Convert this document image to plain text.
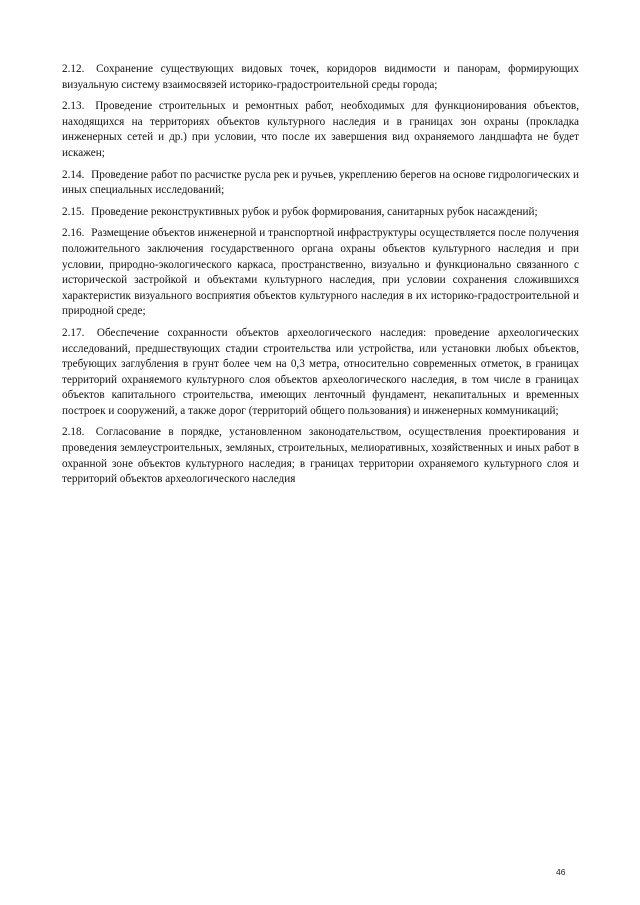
2.12. Сохранение существующих видовых точек, коридоров видимости и панорам, формирующих визуальную систему взаимосвязей историко-градостроительной среды города;

2.13. Проведение строительных и ремонтных работ, необходимых для функционирования объектов, находящихся на территориях объектов культурного наследия и в границах зон охраны (прокладка инженерных сетей и др.) при условии, что после их завершения вид охраняемого ландшафта не будет искажен;

2.14. Проведение работ по расчистке русла рек и ручьев, укреплению берегов на основе гидрологических и иных специальных исследований;

2.15. Проведение реконструктивных рубок и рубок формирования, санитарных рубок насаждений;

2.16. Размещение объектов инженерной и транспортной инфраструктуры осуществляется после получения положительного заключения государственного органа охраны объектов культурного наследия и при условии, природно-экологического каркаса, пространственно, визуально и функционально связанного с исторической застройкой и объектами культурного наследия, при условии сохранения сложившихся характеристик визуального восприятия объектов культурного наследия в их историко-градостроительной и природной среде;

2.17. Обеспечение сохранности объектов археологического наследия: проведение археологических исследований, предшествующих стадии строительства или устройства, или установки любых объектов, требующих заглубления в грунт более чем на 0,3 метра, относительно современных отметок, в границах территорий охраняемого культурного слоя объектов археологического наследия, в том числе в границах объектов капитального строительства, имеющих ленточный фундамент, некапитальных и временных построек и сооружений, а также дорог (территорий общего пользования) и инженерных коммуникаций;

2.18. Согласование в порядке, установленном законодательством, осуществления проектирования и проведения землеустроительных, земляных, строительных, мелиоративных, хозяйственных и иных работ в охранной зоне объектов культурного наследия; в границах территории охраняемого культурного слоя и территорий объектов археологического наследия

46
